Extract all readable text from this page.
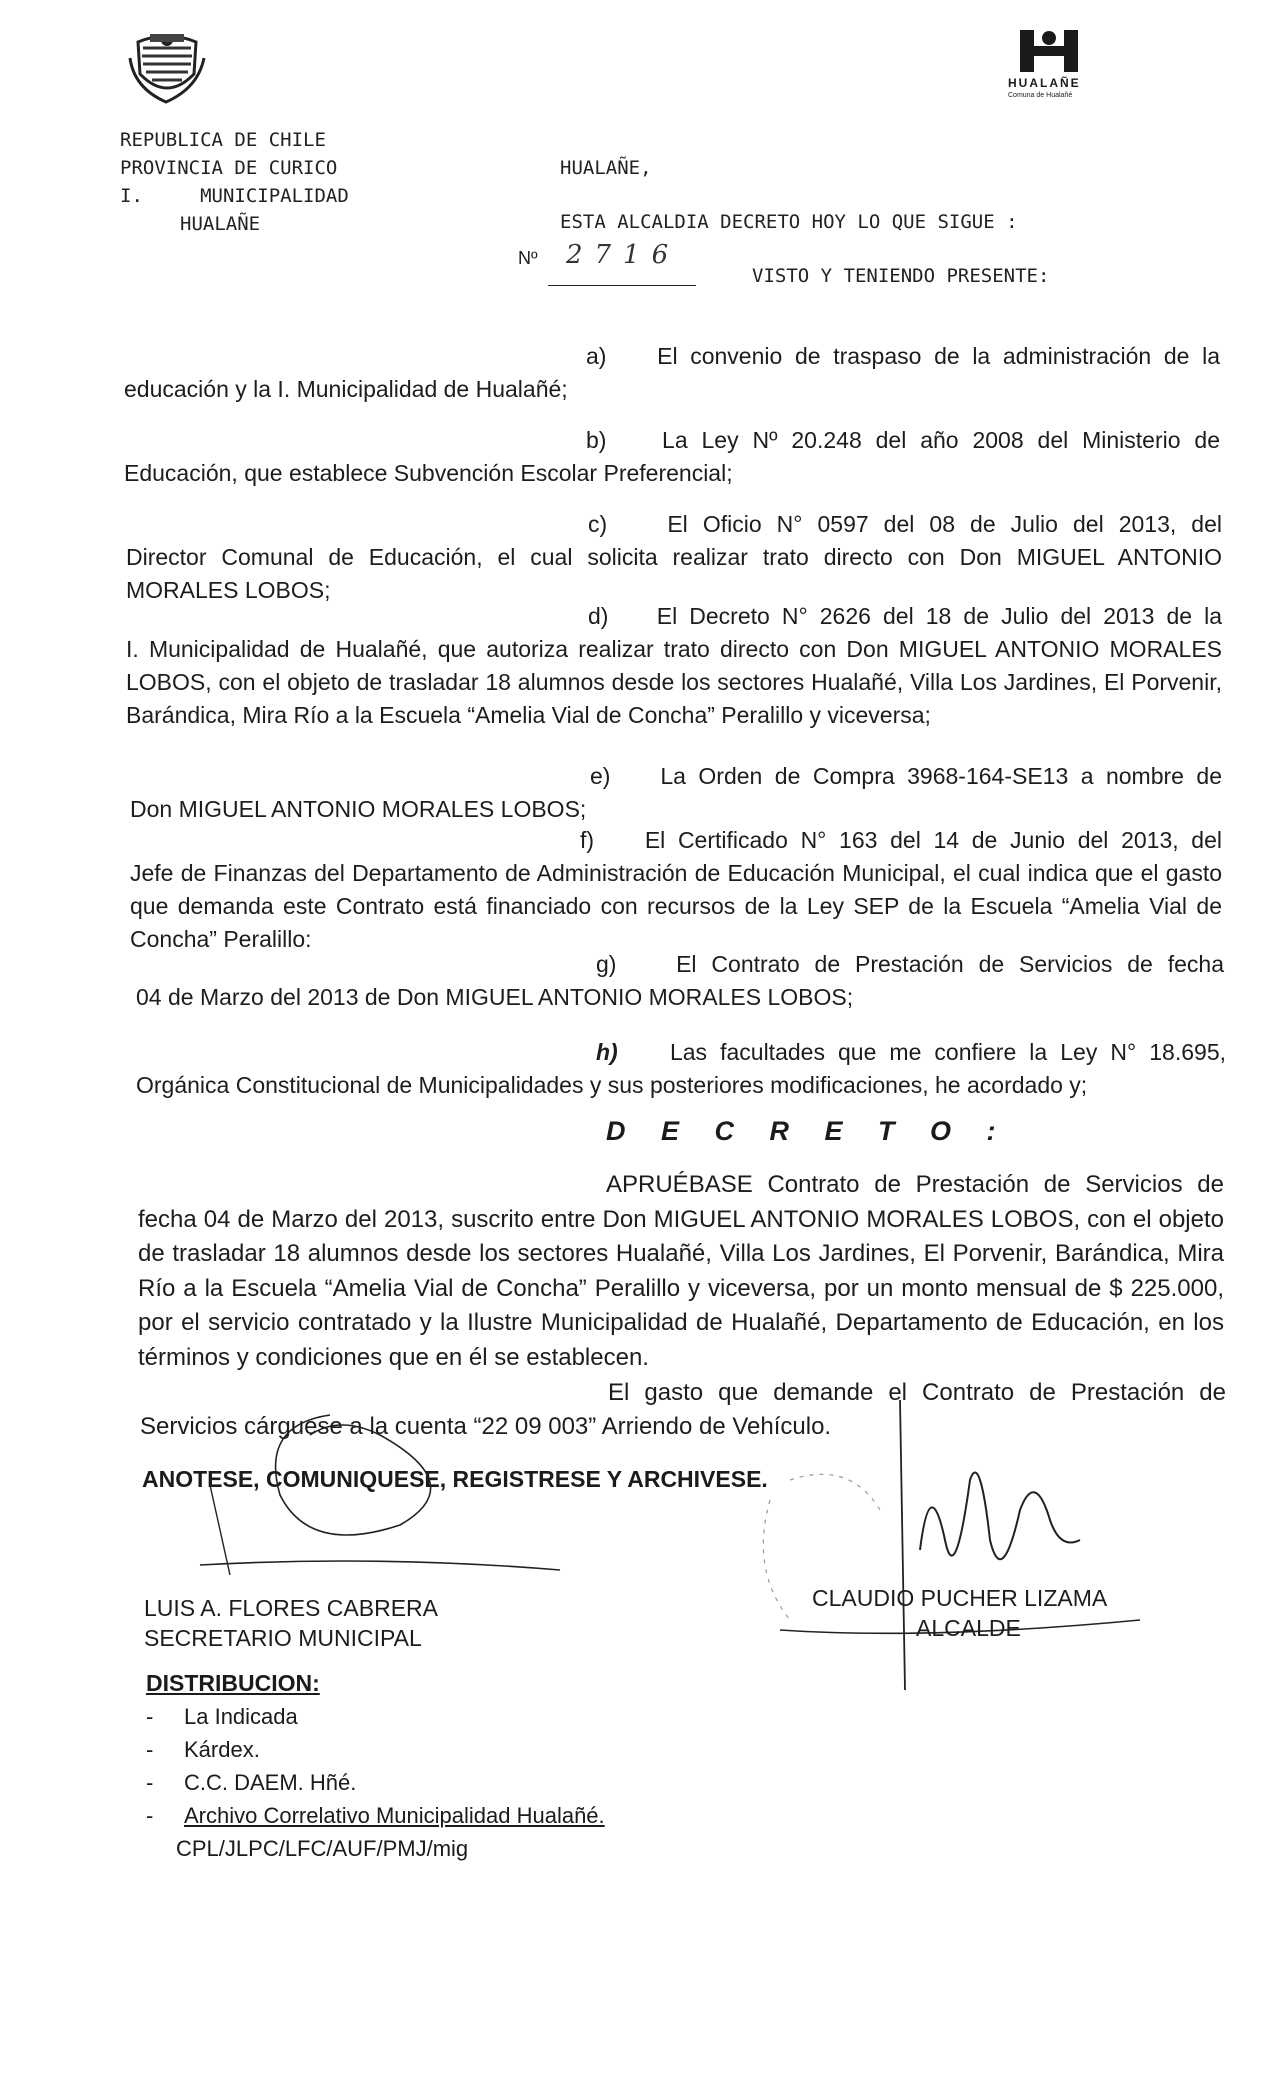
HUALAÑE
Comuna de Hualañé
REPUBLICA DE CHILE
PROVINCIA DE CURICO
I.     MUNICIPALIDAD
HUALAÑE
HUALAÑE,
ESTA ALCALDIA DECRETO HOY LO QUE SIGUE :
Nº 2716
VISTO Y TENIENDO PRESENTE:
a) El convenio de traspaso de la administración de la
educación y la I. Municipalidad de Hualañé;
b) La Ley Nº 20.248 del año 2008 del Ministerio de
Educación, que establece Subvención Escolar Preferencial;
c)	El Oficio N° 0597 del 08 de Julio del 2013, del
Director Comunal de Educación, el cual solicita realizar trato directo con Don MIGUEL ANTONIO MORALES LOBOS;
d) El Decreto N° 2626 del 18 de Julio del 2013 de la
I. Municipalidad de Hualañé, que autoriza realizar trato directo con Don MIGUEL ANTONIO MORALES LOBOS, con el objeto de trasladar 18 alumnos desde los sectores Hualañé, Villa Los Jardines, El Porvenir, Barándica, Mira Río a la Escuela “Amelia Vial de Concha” Peralillo y viceversa;
e) La Orden de Compra 3968-164-SE13 a nombre de
Don MIGUEL ANTONIO MORALES LOBOS;
f) El Certificado N° 163 del 14 de Junio del 2013, del
Jefe de Finanzas del Departamento de Administración de Educación Municipal, el cual indica que el gasto que demanda este Contrato está financiado con recursos de la Ley SEP de la Escuela “Amelia Vial de Concha” Peralillo:
g)	El Contrato de Prestación de Servicios de fecha
04 de Marzo del 2013 de Don MIGUEL ANTONIO MORALES LOBOS;
h) Las facultades que me confiere la Ley N° 18.695,
Orgánica Constitucional de Municipalidades y sus posteriores modificaciones, he acordado y;
D E C R E T O :
APRUÉBASE Contrato de Prestación de Servicios de
fecha 04 de Marzo del 2013, suscrito entre Don MIGUEL ANTONIO MORALES LOBOS, con el objeto de trasladar 18 alumnos desde los sectores Hualañé, Villa Los Jardines, El Porvenir, Barándica, Mira Río a la Escuela “Amelia Vial de Concha” Peralillo y viceversa, por un monto mensual de $ 225.000, por el servicio contratado y la Ilustre Municipalidad de Hualañé, Departamento de Educación, en los términos y condiciones que en él se establecen.
El gasto que demande el Contrato de Prestación de
Servicios cárguese a la cuenta “22 09 003” Arriendo de Vehículo.
ANOTESE, COMUNIQUESE, REGISTRESE Y ARCHIVESE.
LUIS A. FLORES CABRERA
SECRETARIO MUNICIPAL
CLAUDIO PUCHER LIZAMA
ALCALDE
DISTRIBUCION:
- La Indicada
- Kárdex.
- C.C. DAEM. Hñé.
- Archivo Correlativo Municipalidad Hualañé.
CPL/JLPC/LFC/AUF/PMJ/mig
